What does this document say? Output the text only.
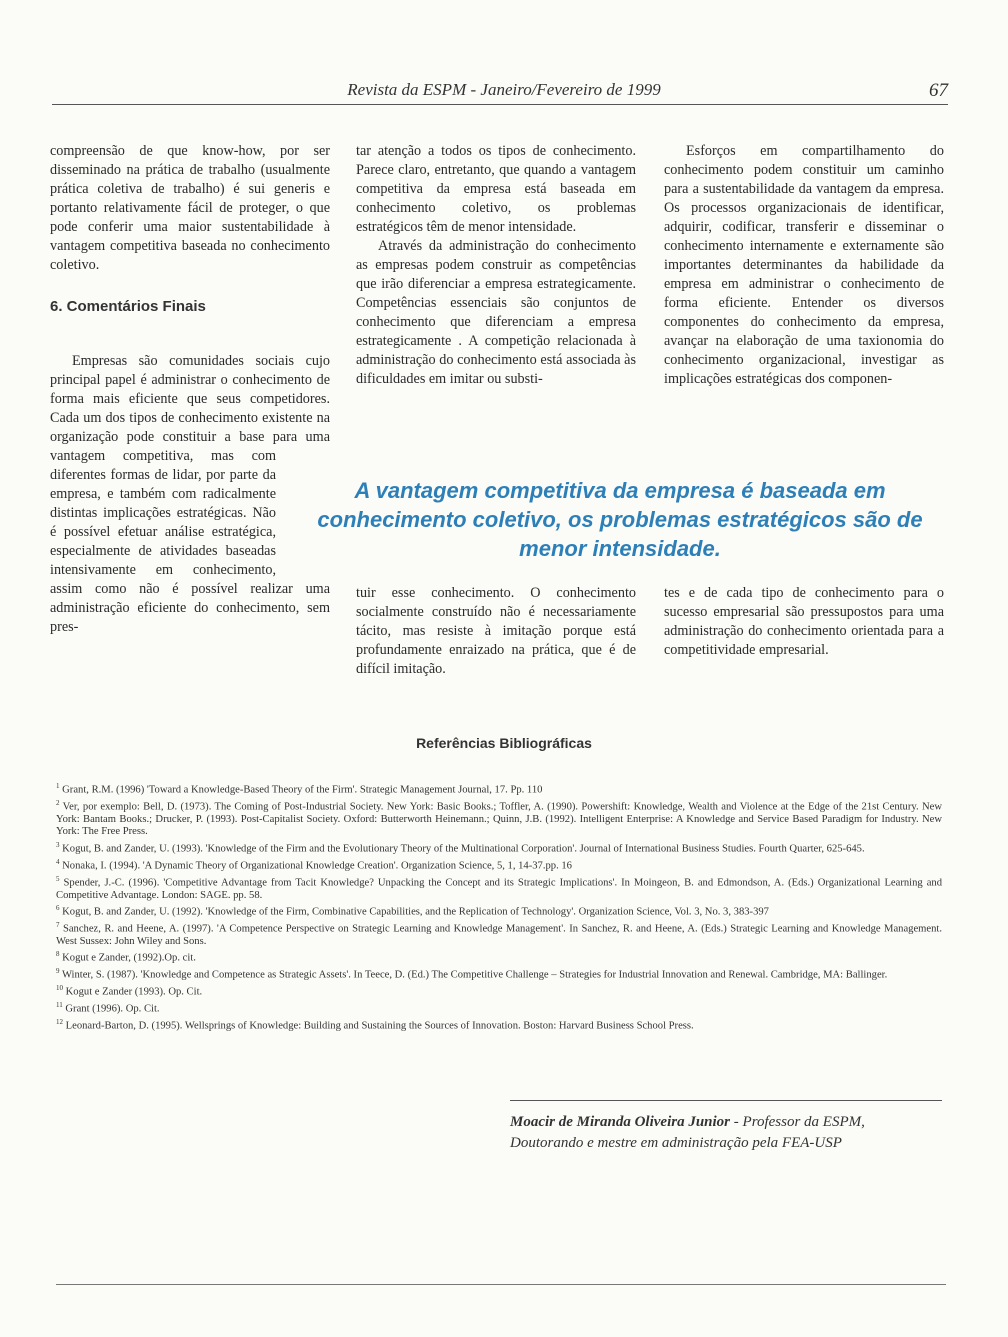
Revista da ESPM - Janeiro/Fevereiro de 1999	67

compreensão de que know-how, por ser disseminado na prática de trabalho (usualmente prática coletiva de trabalho) é sui generis e portanto relativamente fácil de proteger, o que pode conferir uma maior sustentabilidade à vantagem competitiva baseada no conhecimento coletivo.

6. Comentários Finais

Empresas são comunidades sociais cujo principal papel é administrar o conhecimento de forma mais eficiente que seus competidores. Cada um dos tipos de conhecimento existente na organização pode constituir a base para uma vantagem competitiva, mas com diferentes formas de lidar, por parte da empresa, e também com radicalmente distintas implicações estratégicas. Não é possível efetuar análise estratégica, especialmente de atividades baseadas intensivamente em conhecimento, assim como não é possível realizar uma administração eficiente do conhecimento, sem pres-

tar atenção a todos os tipos de conhecimento. Parece claro, entretanto, que quando a vantagem competitiva da empresa está baseada em conhecimento coletivo, os problemas estratégicos têm de menor intensidade.

Através da administração do conhecimento as empresas podem construir as competências que irão diferenciar a empresa estrategicamente. Competências essenciais são conjuntos de conhecimento que diferenciam a empresa estrategicamente . A competição relacionada à administração do conhecimento está associada às dificuldades em imitar ou substi-

tuir esse conhecimento. O conhecimento socialmente construído não é necessariamente tácito, mas resiste à imitação porque está profundamente enraizado na prática, que é de difícil imitação.

Esforços em compartilhamento do conhecimento podem constituir um caminho para a sustentabilidade da vantagem da empresa. Os processos organizacionais de identificar, adquirir, codificar, transferir e disseminar o conhecimento internamente e externamente são importantes determinantes da habilidade da empresa em administrar o conhecimento de forma eficiente. Entender os diversos componentes do conhecimento da empresa, avançar na elaboração de uma taxionomia do conhecimento organizacional, investigar as implicações estratégicas dos componen-

tes e de cada tipo de conhecimento para o sucesso empresarial são pressupostos para uma administração do conhecimento orientada para a competitividade empresarial.

A vantagem competitiva da empresa é baseada em conhecimento coletivo, os problemas estratégicos são de menor intensidade.
Referências Bibliográficas

$^1$ Grant, R.M. (1996) 'Toward a Knowledge-Based Theory of the Firm'. Strategic Management Journal, 17. Pp. 110

$^2$ Ver, por exemplo: Bell, D. (1973). The Coming of Post-Industrial Society. New York: Basic Books.; Toffler, A. (1990). Powershift: Knowledge, Wealth and Violence at the Edge of the 21st Century. New York: Bantam Books.; Drucker, P. (1993). Post-Capitalist Society. Oxford: Butterworth Heinemann.; Quinn, J.B. (1992). Intelligent Enterprise: A Knowledge and Service Based Paradigm for Industry. New York: The Free Press.

$^3$ Kogut, B. and Zander, U. (1993). 'Knowledge of the Firm and the Evolutionary Theory of the Multinational Corporation'. Journal of International Business Studies. Fourth Quarter, 625-645.

$^4$ Nonaka, I. (1994). 'A Dynamic Theory of Organizational Knowledge Creation'. Organization Science, 5, 1, 14-37.pp. 16

$^5$ Spender, J.-C. (1996). 'Competitive Advantage from Tacit Knowledge? Unpacking the Concept and its Strategic Implications'. In Moingeon, B. and Edmondson, A. (Eds.) Organizational Learning and Competitive Advantage. London: SAGE. pp. 58.

$^6$ Kogut, B. and Zander, U. (1992). 'Knowledge of the Firm, Combinative Capabilities, and the Replication of Technology'. Organization Science, Vol. 3, No. 3, 383-397

$^7$ Sanchez, R. and Heene, A. (1997). 'A Competence Perspective on Strategic Learning and Knowledge Management'. In Sanchez, R. and Heene, A. (Eds.) Strategic Learning and Knowledge Management. West Sussex: John Wiley and Sons.

$^8$ Kogut e Zander, (1992).Op. cit.

$^9$ Winter, S. (1987). 'Knowledge and Competence as Strategic Assets'. In Teece, D. (Ed.) The Competitive Challenge – Strategies for Industrial Innovation and Renewal. Cambridge, MA: Ballinger.

$^{10}$ Kogut e Zander (1993). Op. Cit.

$^{11}$ Grant (1996). Op. Cit.

$^{12}$ Leonard-Barton, D. (1995). Wellsprings of Knowledge: Building and Sustaining the Sources of Innovation. Boston: Harvard Business School Press.

Moacir de Miranda Oliveira Junior - Professor da ESPM,
Doutorando e mestre em administração pela FEA-USP
